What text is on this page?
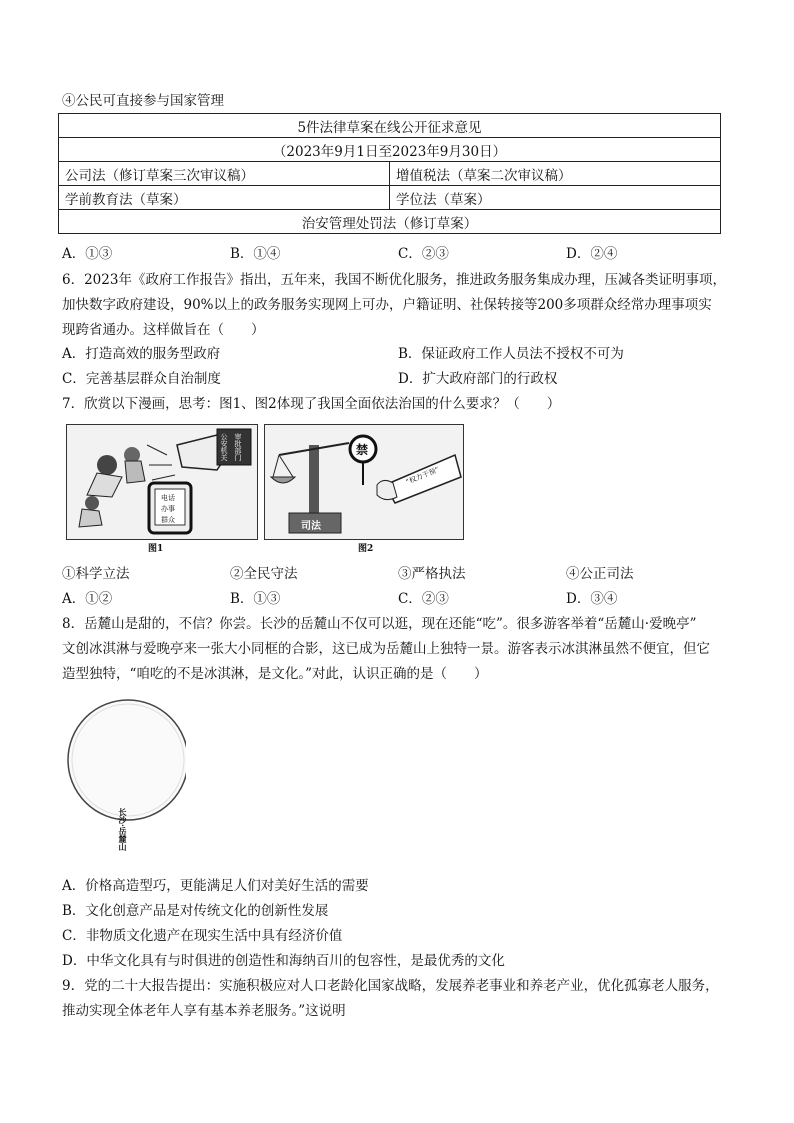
④公民可直接参与国家管理
5件法律草案在线公开征求意见	
（2023年9月1日至2023年9月30日）	
公司法（修订草案三次审议稿）	增值税法（草案二次审议稿）
学前教育法（草案）	学位法（草案）
治安管理处罚法（修订草案）	
A．①③	B．①④	C．②③	D．②④
6．2023年《政府工作报告》指出，五年来，我国不断优化服务，推进政务服务集成办理，压减各类证明事项，
加快数字政府建设，90%以上的政务服务实现网上可办，户籍证明、社保转接等200多项群众经常办理事项实
现跨省通办。这样做旨在（　　）
A．打造高效的服务型政府	B．保证政府工作人员法不授权不可为
C．完善基层群众自治制度	D．扩大政府部门的行政权
7．欣赏以下漫画，思考：图1、图2体现了我国全面依法治国的什么要求？（　　）
公安机关 审批部门
电话
办事
群众
图1
禁
“权力干预”
司法
图2
①科学立法	②全民守法	③严格执法	④公正司法
A．①②	B．①③	C．②③	D．③④
8．岳麓山是甜的，不信？你尝。长沙的岳麓山不仅可以逛，现在还能“吃”。很多游客举着“岳麓山·爱晚亭”
文创冰淇淋与爱晚亭来一张大小同框的合影，这已成为岳麓山上独特一景。游客表示冰淇淋虽然不便宜，但它
造型独特，“咱吃的不是冰淇淋，是文化。”对此，认识正确的是（　　）
长沙·岳麓山
A．价格高造型巧，更能满足人们对美好生活的需要
B．文化创意产品是对传统文化的创新性发展
C．非物质文化遗产在现实生活中具有经济价值
D．中华文化具有与时俱进的创造性和海纳百川的包容性，是最优秀的文化
9．党的二十大报告提出：实施积极应对人口老龄化国家战略，发展养老事业和养老产业，优化孤寡老人服务，
推动实现全体老年人享有基本养老服务。”这说明
